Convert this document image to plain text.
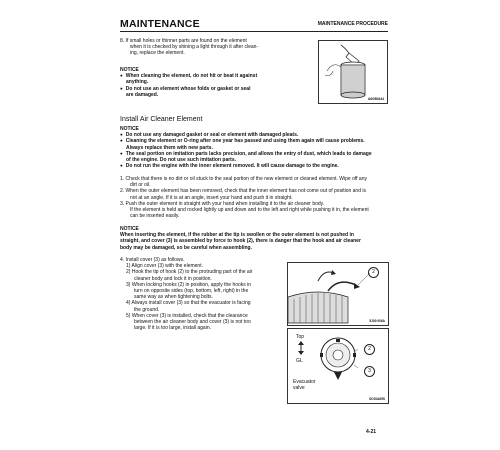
MAINTENANCE	MAINTENANCE PROCEDURE
8. If small holes or thinner parts are found on the element
when it is checked by shining a light through it after clean-
ing, replace the element.
NOTICE
● When cleaning the element, do not hit or beat it against
anything.
● Do not use an element whose folds or gasket or seal
are damaged.
A6GB0444
Install Air Cleaner Element
NOTICE
● Do not use any damaged gasket or seal or element with damaged pleats.
● Cleaning the element or O-ring after one year has passed and using them again will cause problems.
Always replace them with new parts.
● The seal portion on imitation parts lacks precision, and allows the entry of dust, which leads to damage
of the engine. Do not use such imitation parts.
● Do not run the engine with the inner element removed. It will cause damage to the engine.
1. Check that there is no dirt or oil stuck to the seal portion of the new element or cleaned element. Wipe off any
dirt or oil.
2. When the outer element has been removed, check that the inner element has not come out of position and is
not at an angle. If it is at an angle, insert your hand and push it in straight.
3. Push the outer element in straight with your hand when installing it to the air cleaner body.
If the element is held and rocked lightly up and down and to the left and right while pushing it in, the element
can be inserted easily.
NOTICE
When inserting the element, if the rubber at the tip is swollen or the outer element is not pushed in
straight, and cover (3) is assembled by force to hook (2), there is danger that the hook and air cleaner
body may be damaged, so be careful when assembling.
4. Install cover (3) as follows.
1) Align cover (3) with the element.
2) Hook the tip of hook (2) to the protruding part of the air
cleaner body and lock it in position.
3) When locking hooks (2) in position, apply the hooks in
turn on opposite sides (top, bottom, left, right) in the
same way as when tightening bolts.
4) Always install cover (3) so that the evacuator is facing
the ground.
5) When cover (3) is installed, check that the clearance
between the air cleaner body and cover (3) is not too
large. If it is too large, install again.
2
5J00 006A
Top
GL
Evacuator
valve
2
3
SC00A65S
4-21
